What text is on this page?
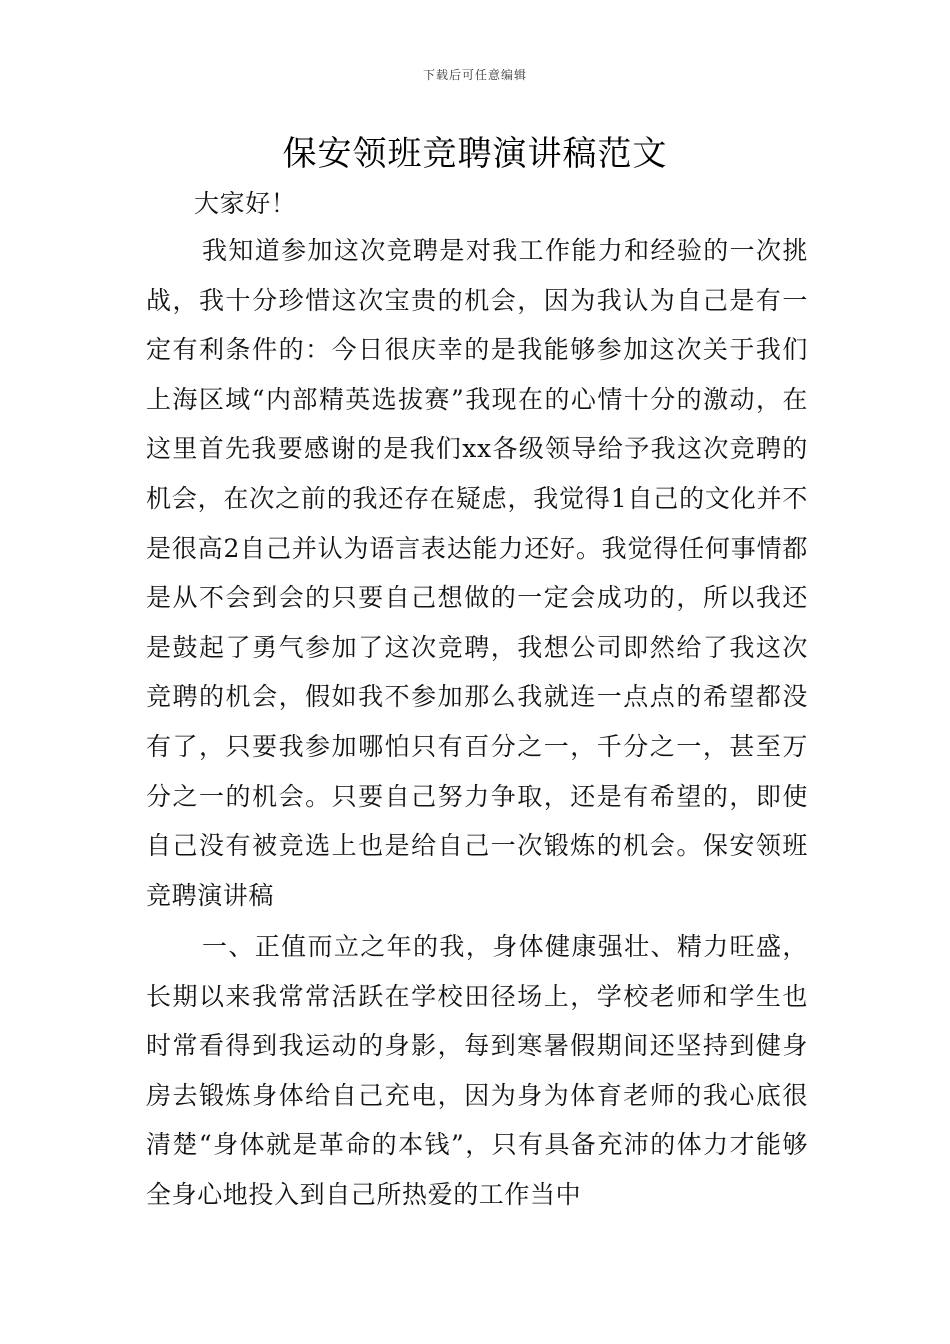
下载后可任意编辑
保安领班竞聘演讲稿范文

大家好！

我知道参加这次竞聘是对我工作能力和经验的一次挑战，我十分珍惜这次宝贵的机会，因为我认为自己是有一定有利条件的：今日很庆幸的是我能够参加这次关于我们上海区域“内部精英选拔赛”我现在的心情十分的激动，在这里首先我要感谢的是我们xx各级领导给予我这次竞聘的机会，在次之前的我还存在疑虑，我觉得1自己的文化并不是很高2自己并认为语言表达能力还好。我觉得任何事情都是从不会到会的只要自己想做的一定会成功的，所以我还是鼓起了勇气参加了这次竞聘，我想公司即然给了我这次竞聘的机会，假如我不参加那么我就连一点点的希望都没有了，只要我参加哪怕只有百分之一，千分之一，甚至万分之一的机会。只要自己努力争取，还是有希望的，即使自己没有被竞选上也是给自己一次锻炼的机会。保安领班竞聘演讲稿

一、正值而立之年的我，身体健康强壮、精力旺盛，长期以来我常常活跃在学校田径场上，学校老师和学生也时常看得到我运动的身影，每到寒暑假期间还坚持到健身房去锻炼身体给自己充电，因为身为体育老师的我心底很清楚“身体就是革命的本钱”，只有具备充沛的体力才能够全身心地投入到自己所热爱的工作当中
